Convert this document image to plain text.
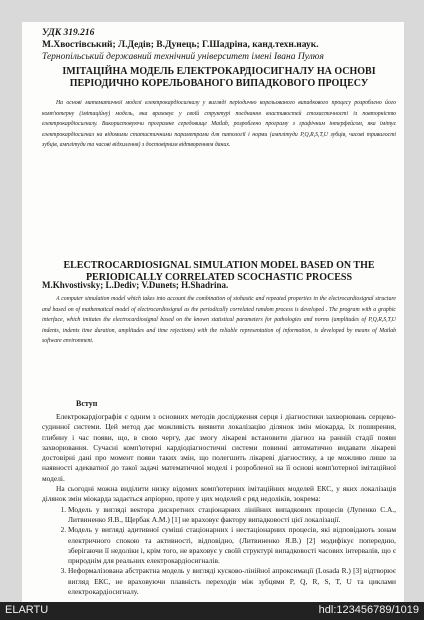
УДК 319.216
М.Хвостівський; Л.Дедів; В.Дунець; Г.Шадріна, канд.техн.наук.
Тернопільський державний технічний університет імені Івана Пулюя
ІМІТАЦІЙНА МОДЕЛЬ ЕЛЕКТРОКАРДІОСИГНАЛУ НА ОСНОВІ ПЕРІОДИЧНО КОРЕЛЬОВАНОГО ВИПАДКОВОГО ПРОЦЕСУ

На основі математичної моделі електрокардіосигналу у вигляді періодично корельованого випадкового процесу розроблено його комп'ютерну (імітаційну) модель, яка враховує у своїй структурі поєднання властивостей стохастичності із повторністю електрокардіосигналу. Використовуючи програмне середовище Matlab, розроблено програму з графічним інтерфейсом, яка імітує електрокардіосигнал на відомими статистичними параметрами для патології і норми (амплітуди P,Q,R,S,T,U зубців, часові тривалості зубців, амплітуди та часові відхилення) з достовірним відтворенням даних.

ELECTROCARDIOSIGNAL SIMULATION MODEL BASED ON THE PERIODICALLY CORRELATED SCOCHASTIC PROCESS
M.Khvostivsky; L.Dediv; V.Dunets; H.Shadrina.

A computer simulation model which takes into account the combination of stohastic and repeated properties in the electrocardiosignal structure and based on of mathematical model of electrocardiosignal as the periodically correlated random process is developed . The program with a graphic interface, which imitates the electrocardiosignal based on the known statistical parameters for pathologies and norms (amplitudes of P,Q,R,S,T,U indents, indents time duration, amplitudes and time rejections) with the reliable representation of information, is developed by means of Matlab software environment.

Вступ

Електрокардіографія є одним з основних методів дослідження серця і діагностики захворювань серцево-судинної системи. Цей метод дає можливість виявити локалізацію ділянок змін міокарда, їх поширення, глибину і час появи, що, в свою чергу, дає змогу лікареві встановити діагноз на ранній стадії появи захворювання. Сучасні комп'ютерні кардіодіагностичні системи повинні автоматично видавати лікареві достовірні дані про момент появи таких змін, що полегшить лікареві діагностику, а це можливо лише за наявності адекватної до такої задачі математичної моделі і розробленої на її основі комп'ютерної імітаційної моделі.

На сьогодні можна виділити низку відомих комп'ютерних імітаційних моделей ЕКС, у яких локалізація ділянок змін міокарда задається апріорно, проте у цих моделей є ряд недоліків, зокрема:

1. Модель у вигляді вектора дискретних стаціонарних лінійних випадкових процесів (Лупенко С.А., Литвиненко Я.В., Щербак А.М.) [1] не враховує фактору випадковості цієї локалізації.
2. Модель у вигляді адитивної суміші стаціонарних і нестаціонарних процесів, які відповідають зонам електричного спокою та активності, відповідно, (Литвиненко Я.В.) [2] модифікує попередню, зберігаючи її недоліки і, крім того, не враховує у своїй структурі випадковості часових інтервалів, що є природнім для реальних електрокардіосигналів.
3. Неформалізована абстрактна модель у вигляді кусково-лінійної апроксимації (Losada R.) [3] відтворює вигляд ЕКС, не враховуючи плавність переходів між зубцями P, Q, R, S, T, U та циклами електрокардіосигналу.
ELARTU	hdl:123456789/1019
